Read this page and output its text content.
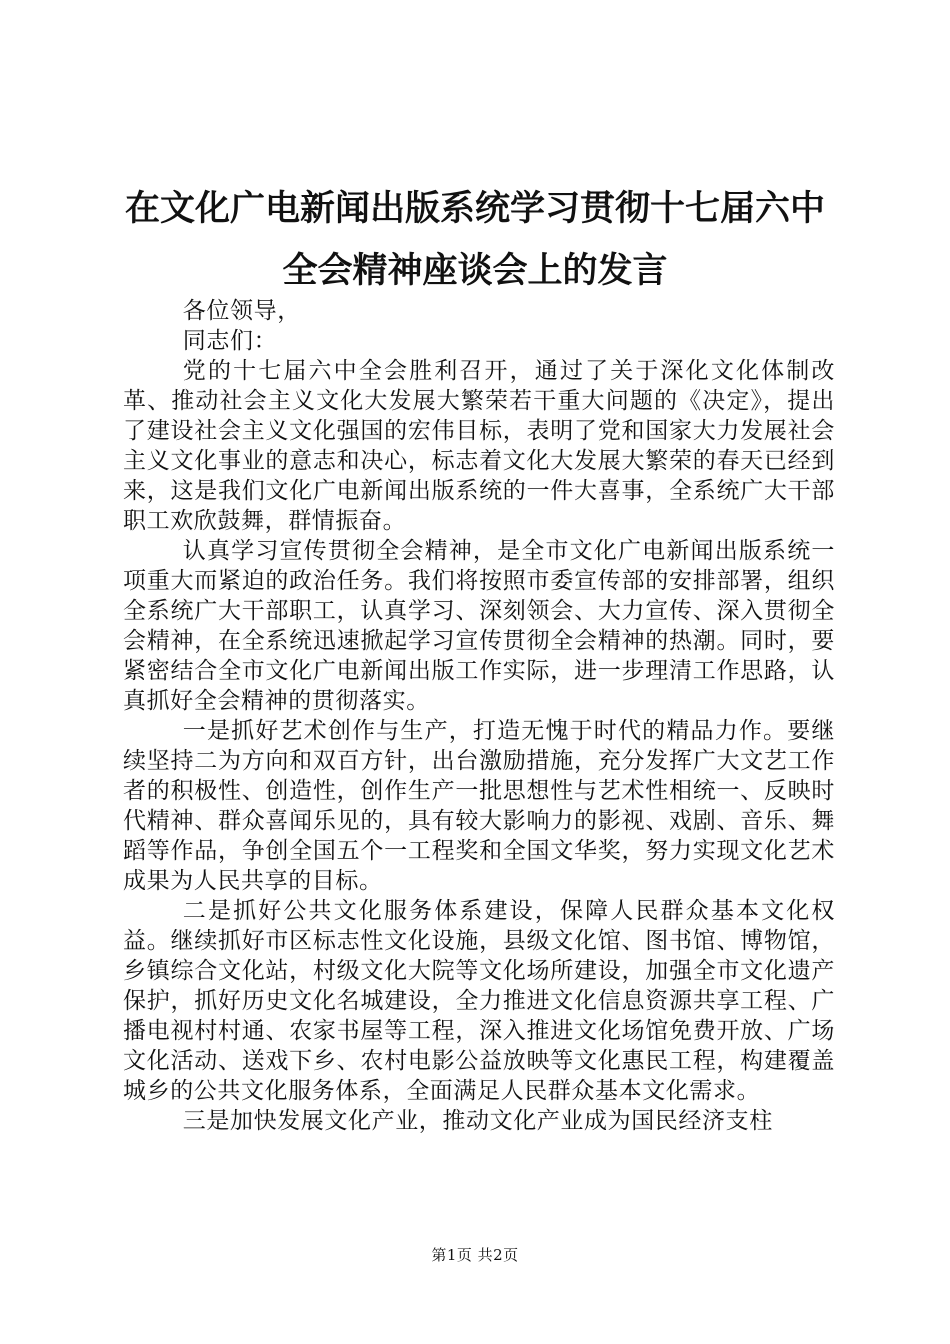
在文化广电新闻出版系统学习贯彻十七届六中
全会精神座谈会上的发言

各位领导，

同志们：

党的十七届六中全会胜利召开，通过了关于深化文化体制改革、推动社会主义文化大发展大繁荣若干重大问题的《决定》，提出了建设社会主义文化强国的宏伟目标，表明了党和国家大力发展社会主义文化事业的意志和决心，标志着文化大发展大繁荣的春天已经到来，这是我们文化广电新闻出版系统的一件大喜事，全系统广大干部职工欢欣鼓舞，群情振奋。

认真学习宣传贯彻全会精神，是全市文化广电新闻出版系统一项重大而紧迫的政治任务。我们将按照市委宣传部的安排部署，组织全系统广大干部职工，认真学习、深刻领会、大力宣传、深入贯彻全会精神，在全系统迅速掀起学习宣传贯彻全会精神的热潮。同时，要紧密结合全市文化广电新闻出版工作实际，进一步理清工作思路，认真抓好全会精神的贯彻落实。

一是抓好艺术创作与生产，打造无愧于时代的精品力作。要继续坚持二为方向和双百方针，出台激励措施，充分发挥广大文艺工作者的积极性、创造性，创作生产一批思想性与艺术性相统一、反映时代精神、群众喜闻乐见的，具有较大影响力的影视、戏剧、音乐、舞蹈等作品，争创全国五个一工程奖和全国文华奖，努力实现文化艺术成果为人民共享的目标。

二是抓好公共文化服务体系建设，保障人民群众基本文化权益。继续抓好市区标志性文化设施，县级文化馆、图书馆、博物馆，乡镇综合文化站，村级文化大院等文化场所建设，加强全市文化遗产保护，抓好历史文化名城建设，全力推进文化信息资源共享工程、广播电视村村通、农家书屋等工程，深入推进文化场馆免费开放、广场文化活动、送戏下乡、农村电影公益放映等文化惠民工程，构建覆盖城乡的公共文化服务体系，全面满足人民群众基本文化需求。

三是加快发展文化产业，推动文化产业成为国民经济支柱

第1页 共2页
